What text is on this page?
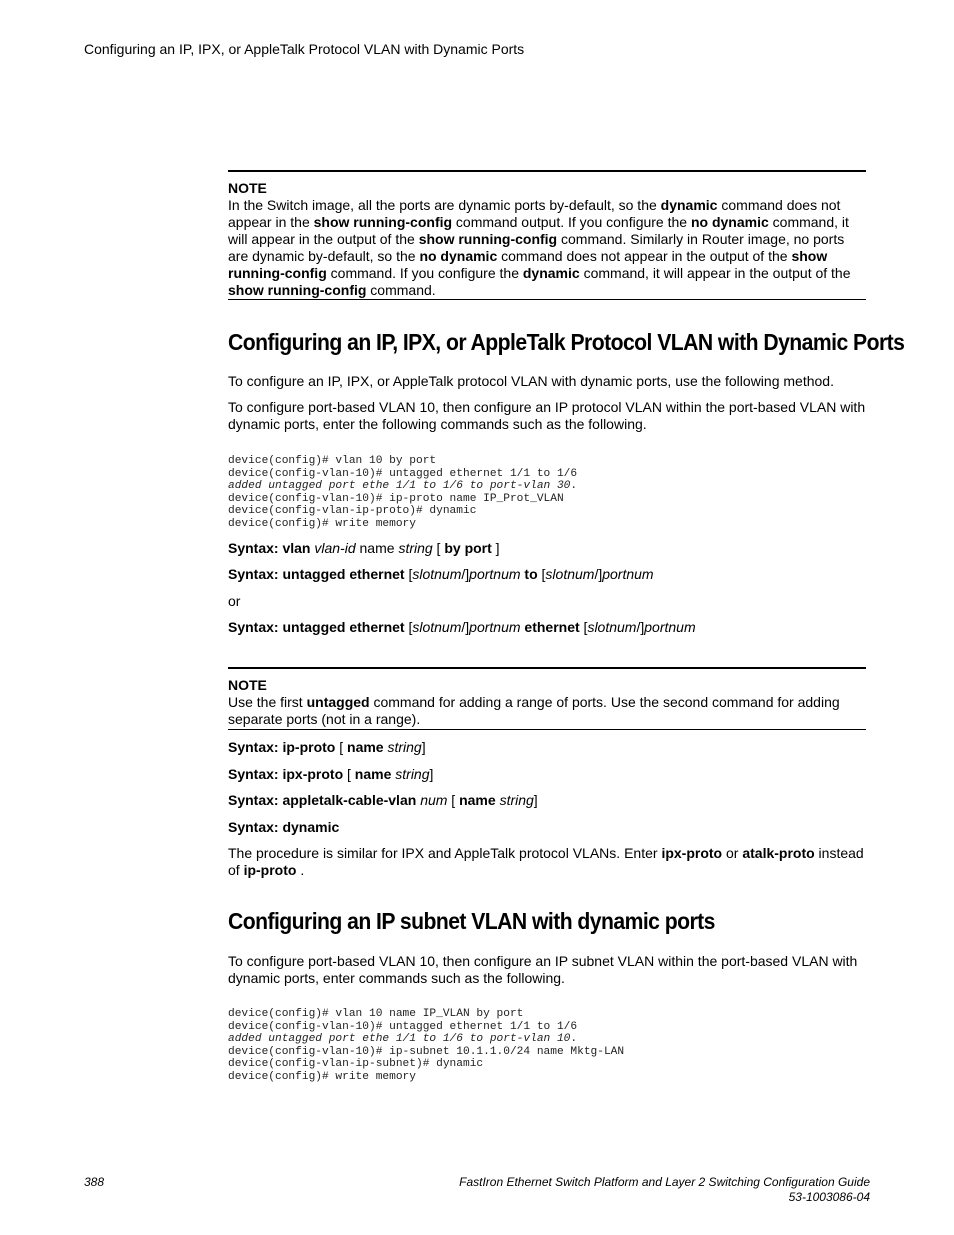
Configuring an IP, IPX, or AppleTalk Protocol VLAN with Dynamic Ports
NOTE

In the Switch image, all the ports are dynamic ports by-default, so the dynamic command does not appear in the show running-config command output. If you configure the no dynamic command, it will appear in the output of the show running-config command. Similarly in Router image, no ports are dynamic by-default, so the no dynamic command does not appear in the output of the show running-config command. If you configure the dynamic command, it will appear in the output of the show running-config command.

Configuring an IP, IPX, or AppleTalk Protocol VLAN with Dynamic Ports

To configure an IP, IPX, or AppleTalk protocol VLAN with dynamic ports, use the following method.

To configure port-based VLAN 10, then configure an IP protocol VLAN within the port-based VLAN with dynamic ports, enter the following commands such as the following.

device(config)# vlan 10 by port
device(config-vlan-10)# untagged ethernet 1/1 to 1/6
added untagged port ethe 1/1 to 1/6 to port-vlan 30.
device(config-vlan-10)# ip-proto name IP_Prot_VLAN
device(config-vlan-ip-proto)# dynamic
device(config)# write memory

Syntax: vlan vlan-id name string [ by port ]

Syntax: untagged ethernet [slotnum/]portnum to [slotnum/]portnum

or

Syntax: untagged ethernet [slotnum/]portnum ethernet [slotnum/]portnum

NOTE

Use the first untagged command for adding a range of ports. Use the second command for adding separate ports (not in a range).

Syntax: ip-proto [ name string]

Syntax: ipx-proto [ name string]

Syntax: appletalk-cable-vlan num [ name string]

Syntax: dynamic

The procedure is similar for IPX and AppleTalk protocol VLANs. Enter ipx-proto or atalk-proto instead of ip-proto .

Configuring an IP subnet VLAN with dynamic ports

To configure port-based VLAN 10, then configure an IP subnet VLAN within the port-based VLAN with dynamic ports, enter commands such as the following.

device(config)# vlan 10 name IP_VLAN by port
device(config-vlan-10)# untagged ethernet 1/1 to 1/6
added untagged port ethe 1/1 to 1/6 to port-vlan 10.
device(config-vlan-10)# ip-subnet 10.1.1.0/24 name Mktg-LAN
device(config-vlan-ip-subnet)# dynamic
device(config)# write memory
388	FastIron Ethernet Switch Platform and Layer 2 Switching Configuration Guide
53-1003086-04
